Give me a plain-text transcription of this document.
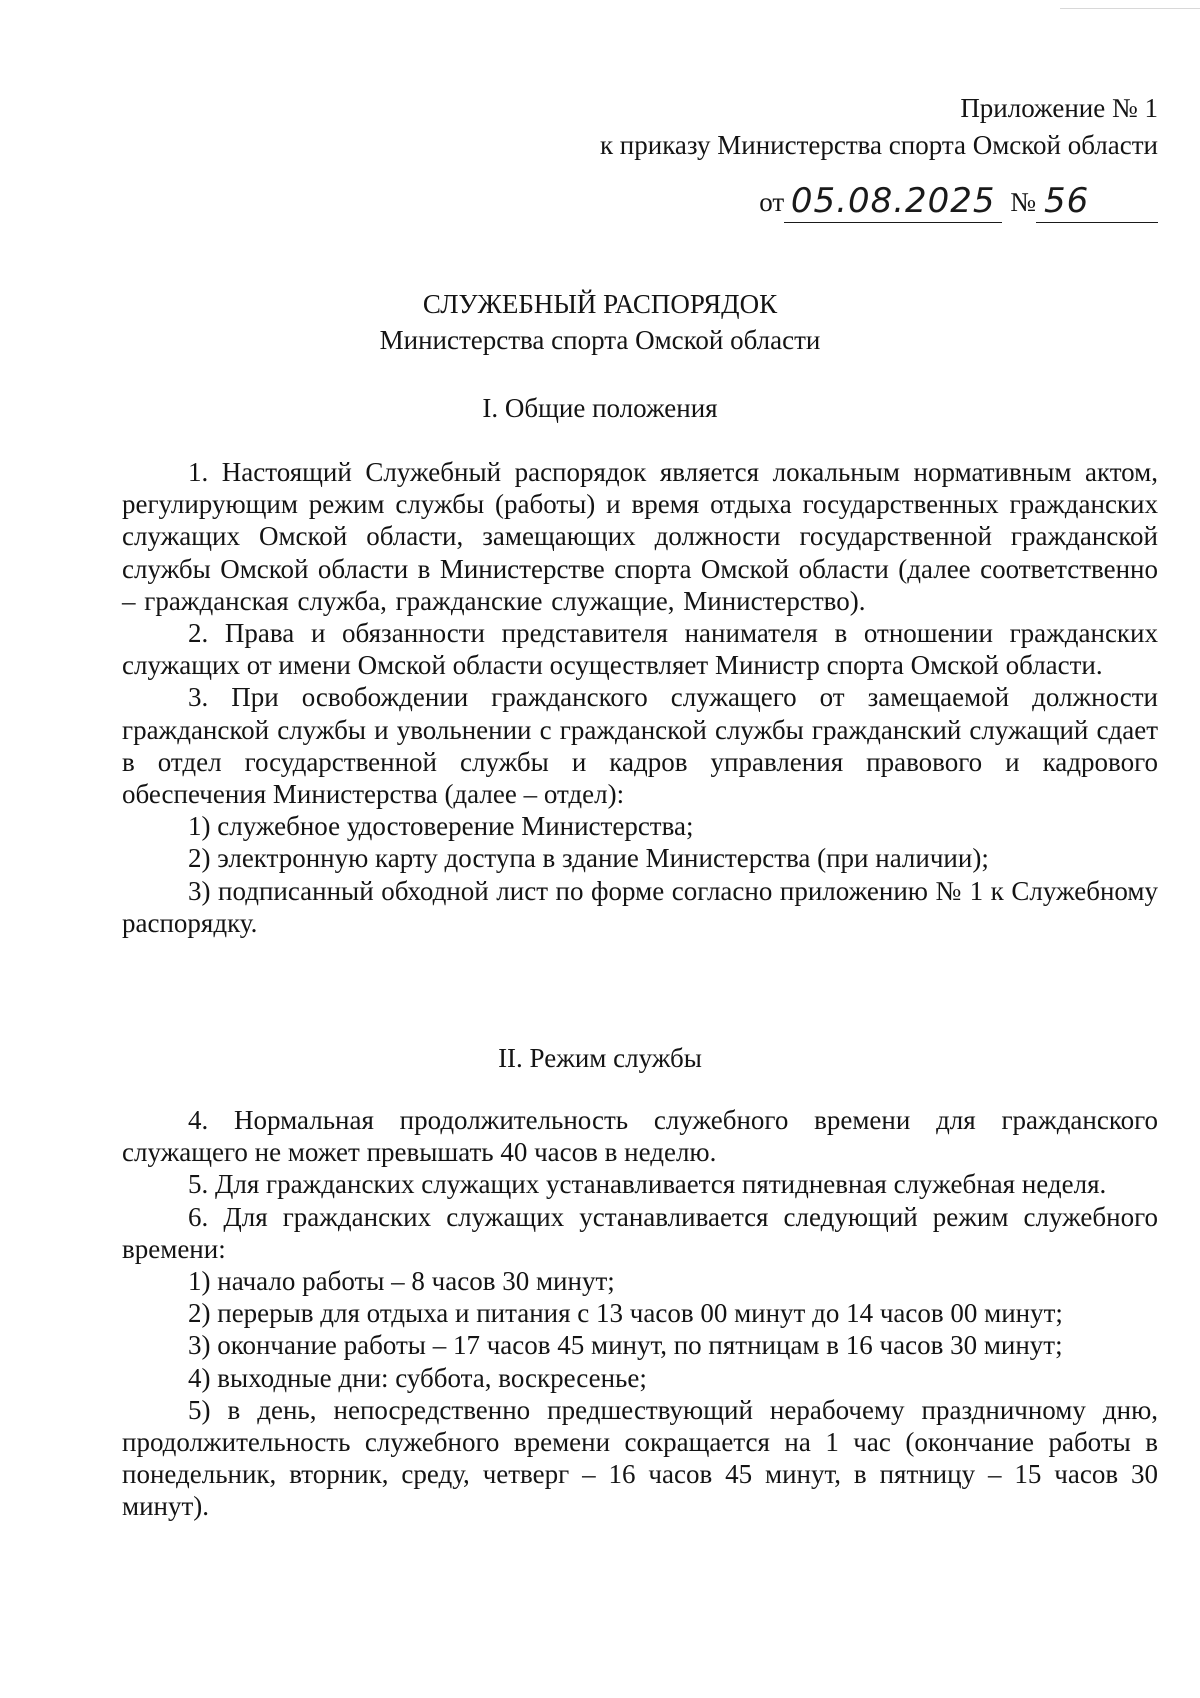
Приложение № 1
к приказу Министерства спорта Омской области
от 05.08.2025 № 56
СЛУЖЕБНЫЙ РАСПОРЯДОК
Министерства спорта Омской области
I. Общие положения

1. Настоящий Служебный распорядок является локальным нормативным актом, регулирующим режим службы (работы) и время отдыха государственных гражданских служащих Омской области, замещающих должности государственной гражданской службы Омской области в Министерстве спорта Омской области (далее соответственно – гражданская служба, гражданские служащие, Министерство).

2. Права и обязанности представителя нанимателя в отношении гражданских служащих от имени Омской области осуществляет Министр спорта Омской области.

3. При освобождении гражданского служащего от замещаемой должности гражданской службы и увольнении с гражданской службы гражданский служащий сдает в отдел государственной службы и кадров управления правового и кадрового обеспечения Министерства (далее – отдел):

1) служебное удостоверение Министерства;

2) электронную карту доступа в здание Министерства (при наличии);

3) подписанный обходной лист по форме согласно приложению № 1 к Служебному распорядку.

II. Режим службы

4. Нормальная продолжительность служебного времени для гражданского служащего не может превышать 40 часов в неделю.

5. Для гражданских служащих устанавливается пятидневная служебная неделя.

6. Для гражданских служащих устанавливается следующий режим служебного времени:

1) начало работы – 8 часов 30 минут;

2) перерыв для отдыха и питания с 13 часов 00 минут до 14 часов 00 минут;

3) окончание работы – 17 часов 45 минут, по пятницам в 16 часов 30 минут;

4) выходные дни: суббота, воскресенье;

5) в день, непосредственно предшествующий нерабочему праздничному дню, продолжительность служебного времени сокращается на 1 час (окончание работы в понедельник, вторник, среду, четверг – 16 часов 45 минут, в пятницу – 15 часов 30 минут).
